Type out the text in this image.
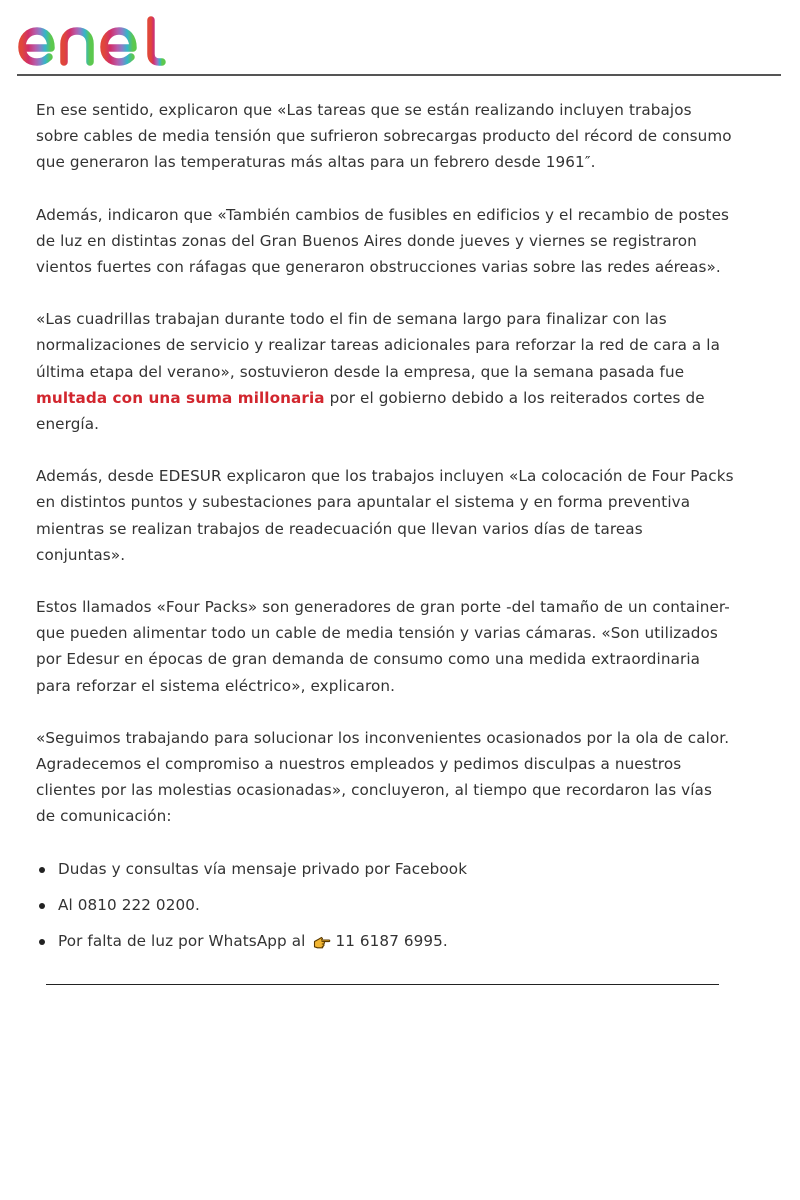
En ese sentido, explicaron que «Las tareas que se están realizando incluyen trabajos sobre cables de media tensión que sufrieron sobrecargas producto del récord de consumo que generaron las temperaturas más altas para un febrero desde 1961″.

Además, indicaron que «También cambios de fusibles en edificios y el recambio de postes de luz en distintas zonas del Gran Buenos Aires donde jueves y viernes se registraron vientos fuertes con ráfagas que generaron obstrucciones varias sobre las redes aéreas».

«Las cuadrillas trabajan durante todo el fin de semana largo para finalizar con las normalizaciones de servicio y realizar tareas adicionales para reforzar la red de cara a la última etapa del verano», sostuvieron desde la empresa, que la semana pasada fue multada con una suma millonaria por el gobierno debido a los reiterados cortes de energía.

Además, desde EDESUR explicaron que los trabajos incluyen «La colocación de Four Packs en distintos puntos y subestaciones para apuntalar el sistema y en forma preventiva mientras se realizan trabajos de readecuación que llevan varios días de tareas conjuntas».

Estos llamados «Four Packs» son generadores de gran porte -del tamaño de un container- que pueden alimentar todo un cable de media tensión y varias cámaras. «Son utilizados por Edesur en épocas de gran demanda de consumo como una medida extraordinaria para reforzar el sistema eléctrico», explicaron.

«Seguimos trabajando para solucionar los inconvenientes ocasionados por la ola de calor. Agradecemos el compromiso a nuestros empleados y pedimos disculpas a nuestros clientes por las molestias ocasionadas», concluyeron, al tiempo que recordaron las vías de comunicación:

Dudas y consultas vía mensaje privado por Facebook
Al 0810 222 0200.
Por falta de luz por WhatsApp al 11 6187 6995.
